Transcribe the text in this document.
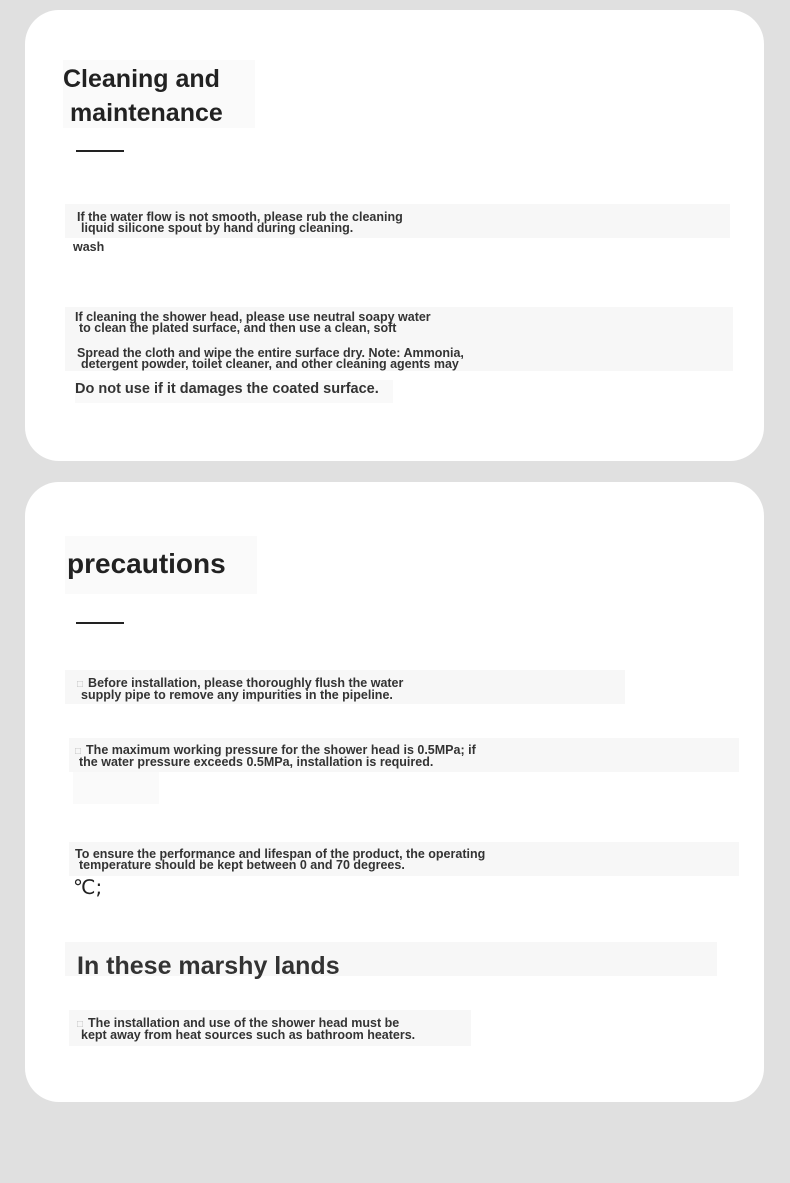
Cleaning and
maintenance
If the water flow is not smooth, please rub the cleaning
liquid silicone spout by hand during cleaning.
wash
If cleaning the shower head, please use neutral soapy water
to clean the plated surface, and then use a clean, soft
Spread the cloth and wipe the entire surface dry. Note: Ammonia,
detergent powder, toilet cleaner, and other cleaning agents may
Do not use if it damages the coated surface.
precautions
□ Before installation, please thoroughly flush the water
supply pipe to remove any impurities in the pipeline.
□ The maximum working pressure for the shower head is 0.5MPa; if
the water pressure exceeds 0.5MPa, installation is required.
To ensure the performance and lifespan of the product, the operating
temperature should be kept between 0 and 70 degrees.
℃;
In these marshy lands
□ The installation and use of the shower head must be
kept away from heat sources such as bathroom heaters.
